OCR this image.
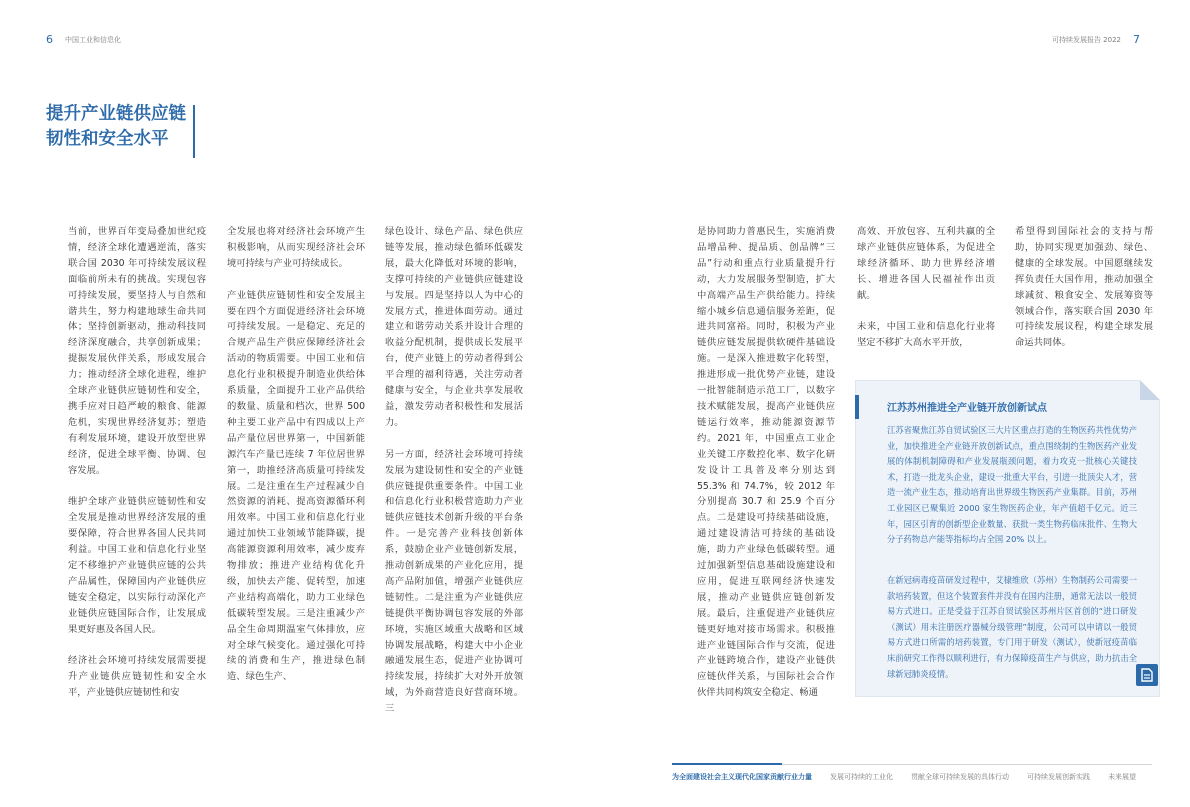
6 中国工业和信息化	可持续发展报告 2022 7
提升产业链供应链
韧性和安全水平
当前，世界百年变局叠加世纪疫情，经济全球化遭遇逆流，落实联合国 2030 年可持续发展议程面临前所未有的挑战。实现包容可持续发展，要坚持人与自然和谐共生，努力构建地球生命共同体；坚持创新驱动，推动科技同经济深度融合，共享创新成果；提振发展伙伴关系，形成发展合力；推动经济全球化进程，维护全球产业链供应链韧性和安全，携手应对日趋严峻的粮食、能源危机，实现世界经济复苏；塑造有利发展环境，建设开放型世界经济，促进全球平衡、协调、包容发展。

维护全球产业链供应链韧性和安全发展是推动世界经济发展的重要保障，符合世界各国人民共同利益。中国工业和信息化行业坚定不移维护产业链供应链的公共产品属性，保障国内产业链供应链安全稳定，以实际行动深化产业链供应链国际合作，让发展成果更好惠及各国人民。

经济社会环境可持续发展需要提升产业链供应链韧性和安全水平，产业链供应链韧性和安
全发展也将对经济社会环境产生积极影响，从而实现经济社会环境可持续与产业可持续成长。

产业链供应链韧性和安全发展主要在四个方面促进经济社会环境可持续发展。一是稳定、充足的合规产品生产供应保障经济社会活动的物质需要。中国工业和信息化行业积极提升制造业供给体系质量，全面提升工业产品供给的数量、质量和档次，世界 500 种主要工业产品中有四成以上产品产量位居世界第一，中国新能源汽车产量已连续 7 年位居世界第一，助推经济高质量可持续发展。二是注重在生产过程减少自然资源的消耗、提高资源循环利用效率。中国工业和信息化行业通过加快工业领域节能降碳，提高能源资源利用效率，减少废弃物排放；推进产业结构优化升级，加快去产能、促转型，加速产业结构高端化，助力工业绿色低碳转型发展。三是注重减少产品全生命周期温室气体排放，应对全球气候变化。通过强化可持续的消费和生产，推进绿色制造、绿色生产、
绿色设计、绿色产品、绿色供应链等发展，推动绿色循环低碳发展，最大化降低对环境的影响，支撑可持续的产业链供应链建设与发展。四是坚持以人为中心的发展方式，推进体面劳动。通过建立和谐劳动关系并设计合理的收益分配机制，提供成长发展平台，使产业链上的劳动者得到公平合理的福利待遇，关注劳动者健康与安全，与企业共享发展收益，激发劳动者积极性和发展活力。

另一方面，经济社会环境可持续发展为建设韧性和安全的产业链供应链提供重要条件。中国工业和信息化行业积极营造助力产业链供应链技术创新升级的平台条件。一是完善产业科技创新体系，鼓励企业产业链创新发展，推动创新成果的产业化应用，提高产品附加值，增强产业链供应链韧性。二是注重为产业链供应链提供平衡协调包容发展的外部环境，实施区域重大战略和区域协调发展战略，构建大中小企业融通发展生态，促进产业协调可持续发展，持续扩大对外开放领域，为外商营造良好营商环境。三
是协同助力普惠民生，实施消费品增品种、提品质、创品牌“三品”行动和重点行业质量提升行动，大力发展服务型制造，扩大中高端产品生产供给能力。持续缩小城乡信息通信服务差距，促进共同富裕。同时，积极为产业链供应链发展提供软硬件基础设施。一是深入推进数字化转型，推进形成一批优势产业链，建设一批智能制造示范工厂，以数字技术赋能发展，提高产业链供应链运行效率，推动能源资源节约。2021 年，中国重点工业企业关键工序数控化率、数字化研发设计工具普及率分别达到 55.3% 和 74.7%，较 2012 年分别提高 30.7 和 25.9 个百分点。二是建设可持续基础设施，通过建设清洁可持续的基础设施，助力产业绿色低碳转型。通过加强新型信息基础设施建设和应用，促进互联网经济快速发展，推动产业链供应链创新发展。最后，注重促进产业链供应链更好地对接市场需求。积极推进产业链国际合作与交流，促进产业链跨境合作，建设产业链供应链伙伴关系，与国际社会合作伙伴共同构筑安全稳定、畅通
高效、开放包容、互利共赢的全球产业链供应链体系，为促进全球经济循环、助力世界经济增长、增进各国人民福祉作出贡献。

未来，中国工业和信息化行业将坚定不移扩大高水平开放，
希望得到国际社会的支持与帮助，协同实现更加强劲、绿色、健康的全球发展。中国愿继续发挥负责任大国作用，推动加强全球减贫、粮食安全、发展筹资等领域合作，落实联合国 2030 年可持续发展议程，构建全球发展命运共同体。
江苏苏州推进全产业链开放创新试点
江苏省聚焦江苏自贸试验区三大片区重点打造的生物医药共性优势产业，加快推进全产业链开放创新试点，重点围绕制约生物医药产业发展的体制机制障碍和产业发展瓶颈问题，着力攻克一批核心关键技术，打造一批龙头企业，建设一批重大平台，引进一批顶尖人才，营造一流产业生态，推动培育出世界级生物医药产业集群。目前，苏州工业园区已聚集近 2000 家生物医药企业，年产值超千亿元。近三年，园区引育的创新型企业数量、获批一类生物药临床批件、生物大分子药物总产能等指标均占全国 20% 以上。
在新冠病毒疫苗研发过程中，艾棣维欣（苏州）生物制药公司需要一款培药装置，但这个装置套件并没有在国内注册，通常无法以一般贸易方式进口。正是受益于江苏自贸试验区苏州片区首创的“进口研发（测试）用未注册医疗器械分级管理”制度，公司可以申请以一般贸易方式进口所需的培药装置，专门用于研发（测试），使新冠疫苗临床前研究工作得以顺利进行，有力保障疫苗生产与供应，助力抗击全球新冠肺炎疫情。
为全面建设社会主义现代化国家贡献行业力量	发展可持续的工业化	贯献全球可持续发展的具体行动	可持续发展创新实践	未来展望
